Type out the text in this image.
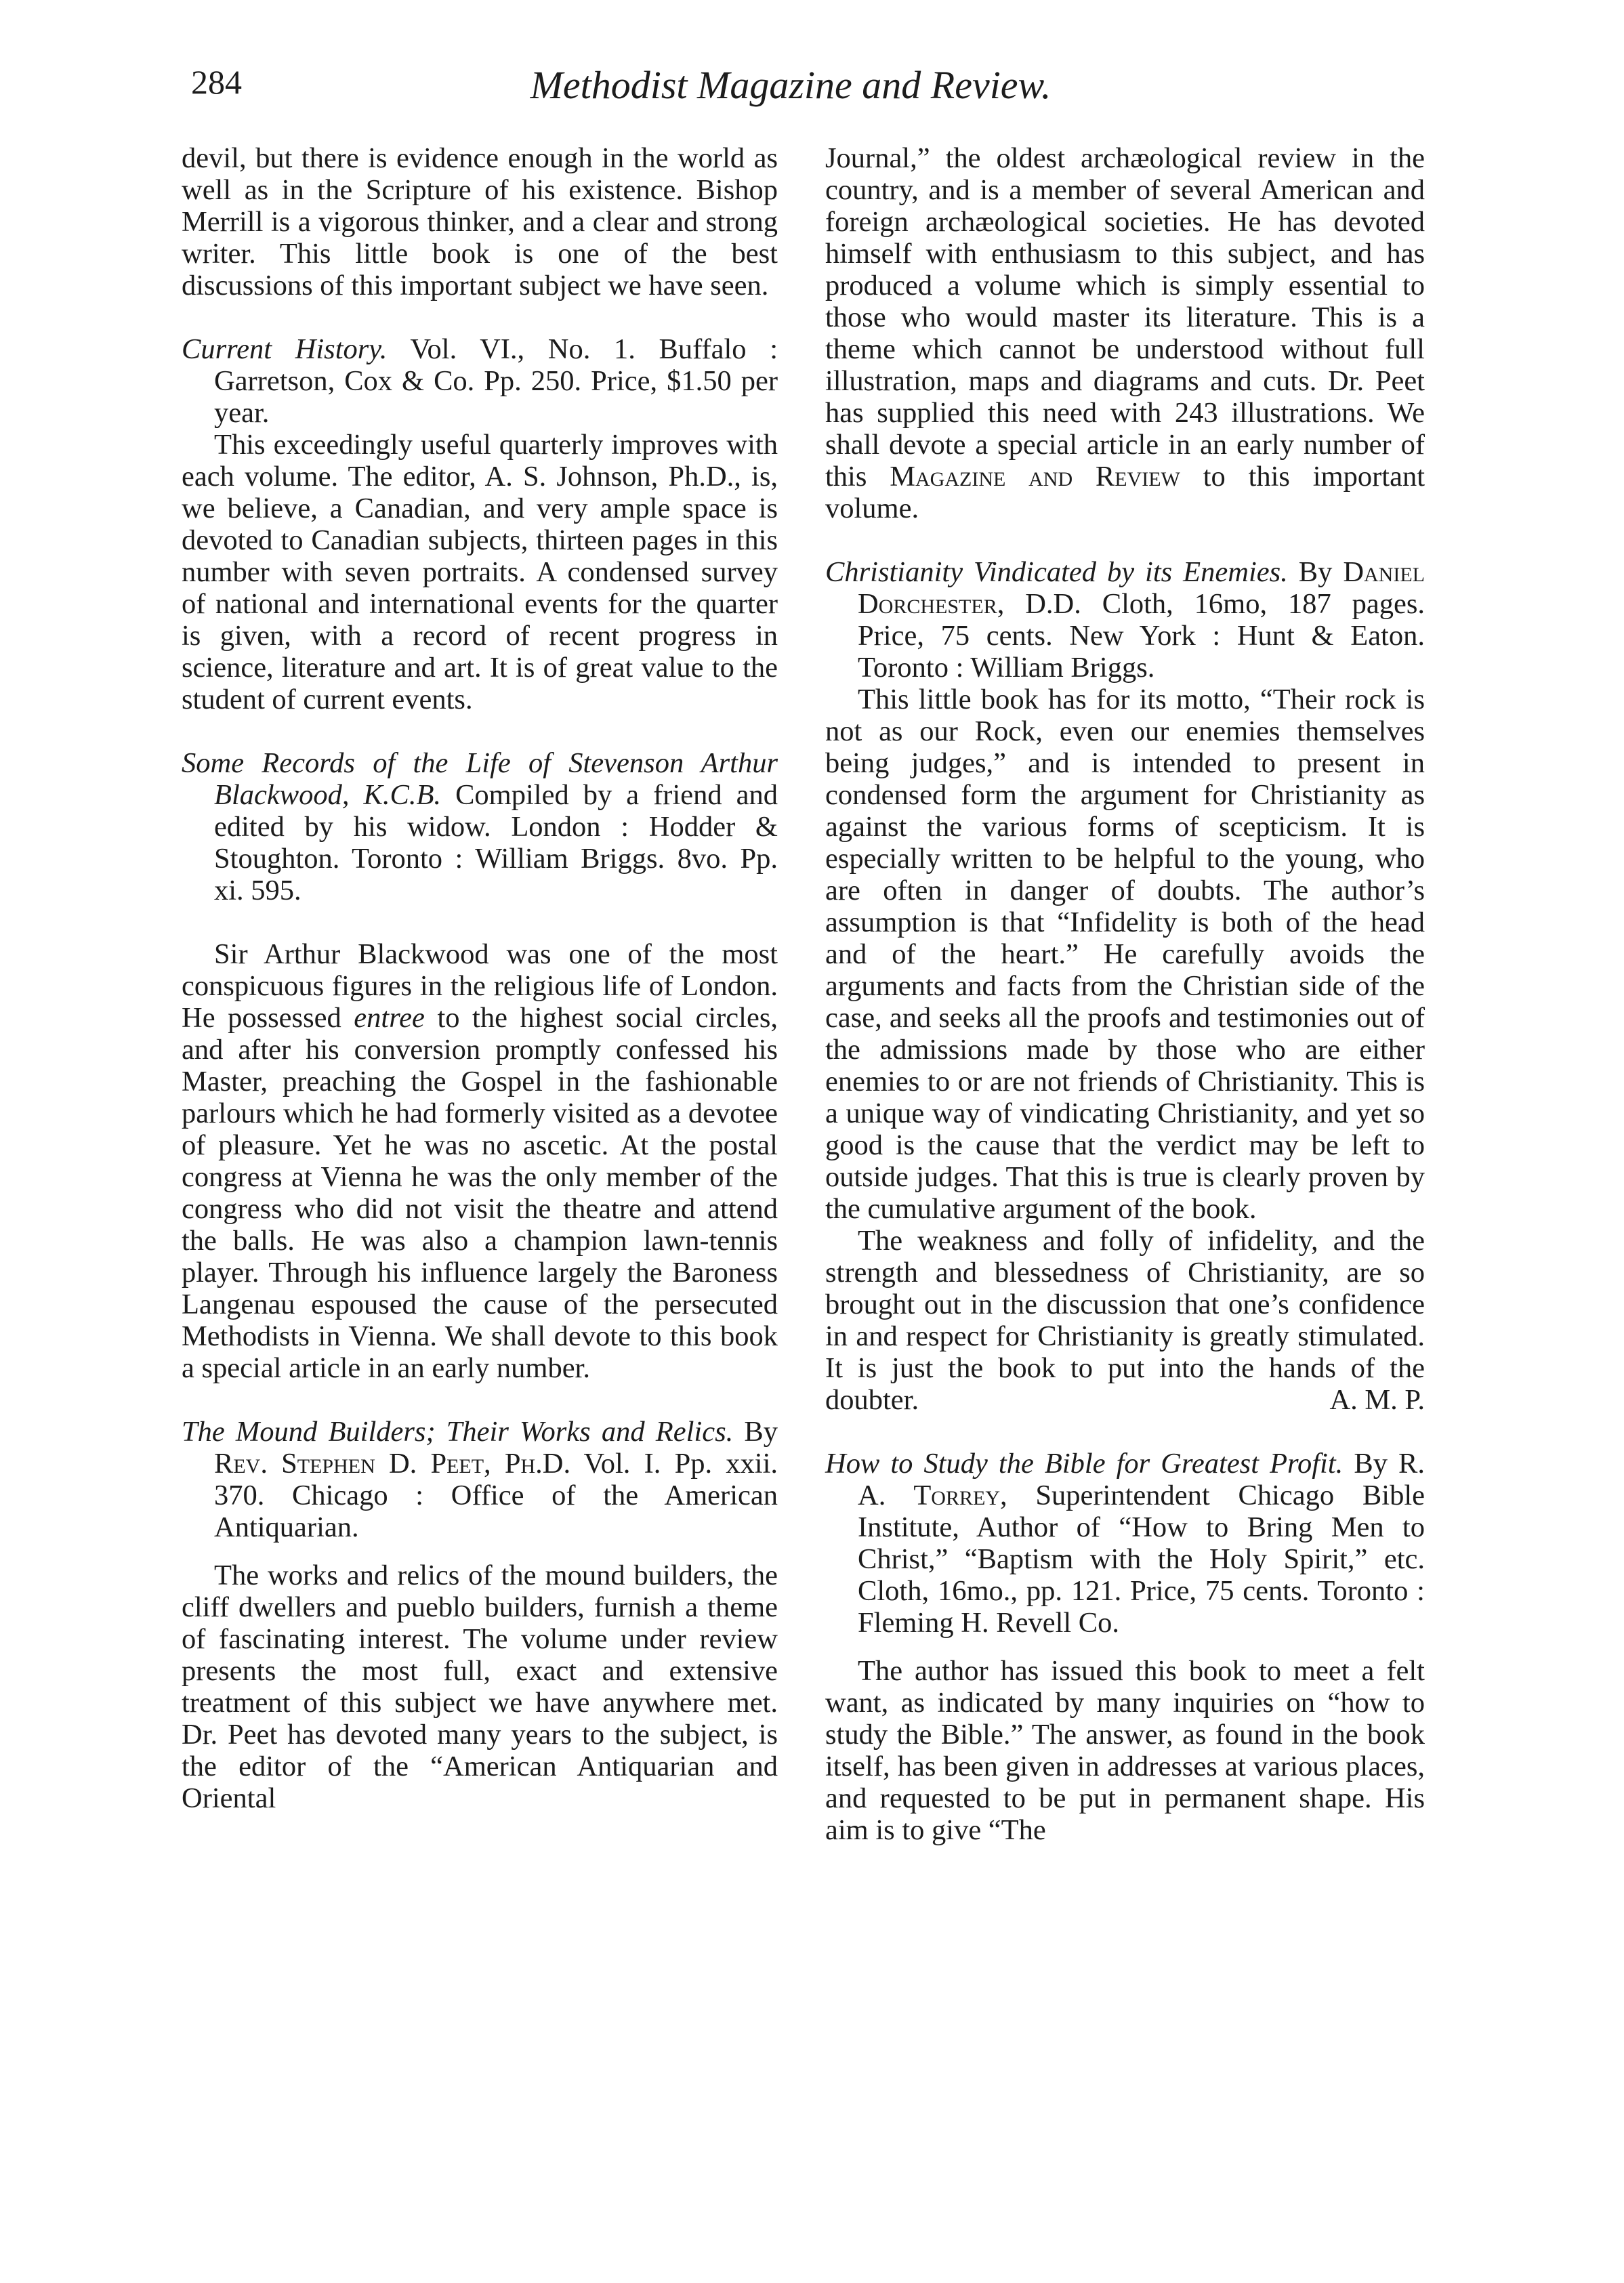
284	Methodist Magazine and Review.

devil, but there is evidence enough in the world as well as in the Scripture of his existence. Bishop Merrill is a vigorous thinker, and a clear and strong writer. This little book is one of the best discussions of this important subject we have seen.

Current History. Vol. VI., No. 1. Buffalo : Garretson, Cox & Co. Pp. 250. Price, $1.50 per year.

This exceedingly useful quarterly improves with each volume. The editor, A. S. Johnson, Ph.D., is, we believe, a Canadian, and very ample space is devoted to Canadian subjects, thirteen pages in this number with seven portraits. A condensed survey of national and international events for the quarter is given, with a record of recent progress in science, literature and art. It is of great value to the student of current events.

Some Records of the Life of Stevenson Arthur Blackwood, K.C.B. Compiled by a friend and edited by his widow. London : Hodder & Stoughton. Toronto : William Briggs. 8vo. Pp. xi. 595.

Sir Arthur Blackwood was one of the most conspicuous figures in the religious life of London. He possessed entree to the highest social circles, and after his conversion promptly confessed his Master, preaching the Gospel in the fashionable parlours which he had formerly visited as a devotee of pleasure. Yet he was no ascetic. At the postal congress at Vienna he was the only member of the congress who did not visit the theatre and attend the balls. He was also a champion lawn-tennis player. Through his influence largely the Baroness Langenau espoused the cause of the persecuted Methodists in Vienna. We shall devote to this book a special article in an early number.

The Mound Builders; Their Works and Relics. By Rev. Stephen D. Peet, Ph.D. Vol. I. Pp. xxii. 370. Chicago : Office of the American Antiquarian.

The works and relics of the mound builders, the cliff dwellers and pueblo builders, furnish a theme of fascinating interest. The volume under review presents the most full, exact and extensive treatment of this subject we have anywhere met. Dr. Peet has devoted many years to the subject, is the editor of the “American Antiquarian and Oriental

Journal,” the oldest archæological review in the country, and is a member of several American and foreign archæological societies. He has devoted himself with enthusiasm to this subject, and has produced a volume which is simply essential to those who would master its literature. This is a theme which cannot be understood without full illustration, maps and diagrams and cuts. Dr. Peet has supplied this need with 243 illustrations. We shall devote a special article in an early number of this Magazine and Review to this important volume.

Christianity Vindicated by its Enemies. By Daniel Dorchester, D.D. Cloth, 16mo, 187 pages. Price, 75 cents. New York : Hunt & Eaton. Toronto : William Briggs.

This little book has for its motto, “Their rock is not as our Rock, even our enemies themselves being judges,” and is intended to present in condensed form the argument for Christianity as against the various forms of scepticism. It is especially written to be helpful to the young, who are often in danger of doubts. The author’s assumption is that “Infidelity is both of the head and of the heart.” He carefully avoids the arguments and facts from the Christian side of the case, and seeks all the proofs and testimonies out of the admissions made by those who are either enemies to or are not friends of Christianity. This is a unique way of vindicating Christianity, and yet so good is the cause that the verdict may be left to outside judges. That this is true is clearly proven by the cumulative argument of the book.

The weakness and folly of infidelity, and the strength and blessedness of Christianity, are so brought out in the discussion that one’s confidence in and respect for Christianity is greatly stimulated. It is just the book to put into the hands of the doubter.	A. M. P.

How to Study the Bible for Greatest Profit. By R. A. Torrey, Superintendent Chicago Bible Institute, Author of “How to Bring Men to Christ,” “Baptism with the Holy Spirit,” etc. Cloth, 16mo., pp. 121. Price, 75 cents. Toronto : Fleming H. Revell Co.

The author has issued this book to meet a felt want, as indicated by many inquiries on “how to study the Bible.” The answer, as found in the book itself, has been given in addresses at various places, and requested to be put in permanent shape. His aim is to give “The
